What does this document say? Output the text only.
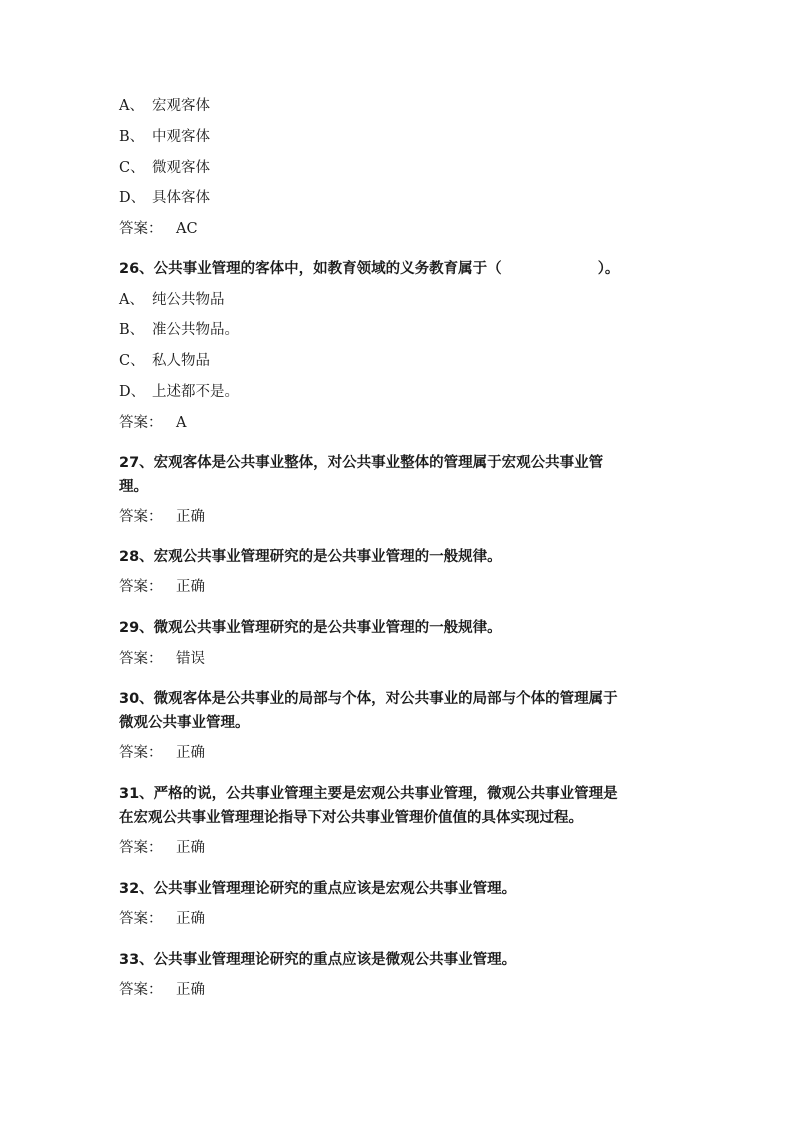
A、 宏观客体
B、 中观客体
C、 微观客体
D、 具体客体
答案： AC
26、公共事业管理的客体中，如教育领域的义务教育属于（	）。
A、 纯公共物品
B、 准公共物品。
C、 私人物品
D、 上述都不是。
答案： A
27、宏观客体是公共事业整体，对公共事业整体的管理属于宏观公共事业管
理。
答案： 正确
28、宏观公共事业管理研究的是公共事业管理的一般规律。
答案： 正确
29、微观公共事业管理研究的是公共事业管理的一般规律。
答案： 错误
30、微观客体是公共事业的局部与个体，对公共事业的局部与个体的管理属于
微观公共事业管理。
答案： 正确
31、严格的说，公共事业管理主要是宏观公共事业管理，微观公共事业管理是
在宏观公共事业管理理论指导下对公共事业管理价值值的具体实现过程。
答案： 正确
32、公共事业管理理论研究的重点应该是宏观公共事业管理。
答案： 正确
33、公共事业管理理论研究的重点应该是微观公共事业管理。
答案： 正确
